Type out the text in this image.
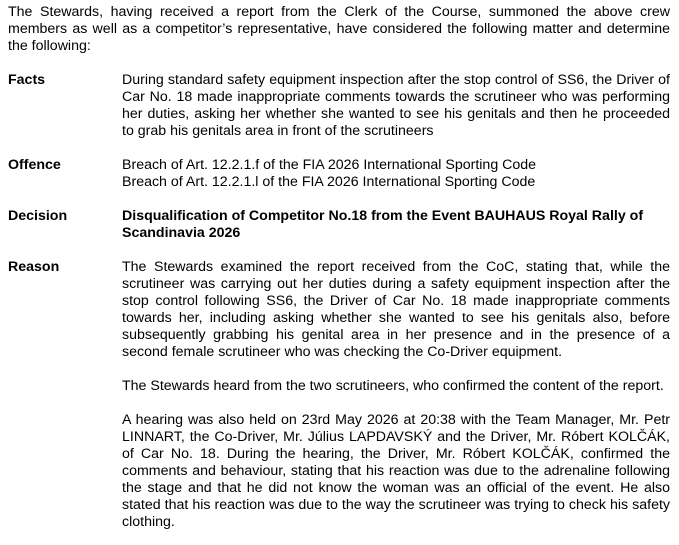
The Stewards, having received a report from the Clerk of the Course, summoned the above crew members as well as a competitor’s representative, have considered the following matter and determine the following:
Facts	During standard safety equipment inspection after the stop control of SS6, the Driver of Car No. 18 made inappropriate comments towards the scrutineer who was performing her duties, asking her whether she wanted to see his genitals and then he proceeded to grab his genitals area in front of the scrutineers
Offence	Breach of Art. 12.2.1.f of the FIA 2026 International Sporting Code
Breach of Art. 12.2.1.l of the FIA 2026 International Sporting Code
Decision	Disqualification of Competitor No.18 from the Event BAUHAUS Royal Rally of Scandinavia 2026
Reason	The Stewards examined the report received from the CoC, stating that, while the scrutineer was carrying out her duties during a safety equipment inspection after the stop control following SS6, the Driver of Car No. 18 made inappropriate comments towards her, including asking whether she wanted to see his genitals also, before subsequently grabbing his genital area in her presence and in the presence of a second female scrutineer who was checking the Co-Driver equipment.

The Stewards heard from the two scrutineers, who confirmed the content of the report.

A hearing was also held on 23rd May 2026 at 20:38 with the Team Manager, Mr. Petr LINNART, the Co-Driver, Mr. Július LAPDAVSKÝ and the Driver, Mr. Róbert KOLČÁK, of Car No. 18. During the hearing, the Driver, Mr. Róbert KOLČÁK, confirmed the comments and behaviour, stating that his reaction was due to the adrenaline following the stage and that he did not know the woman was an official of the event. He also stated that his reaction was due to the way the scrutineer was trying to check his safety clothing.
